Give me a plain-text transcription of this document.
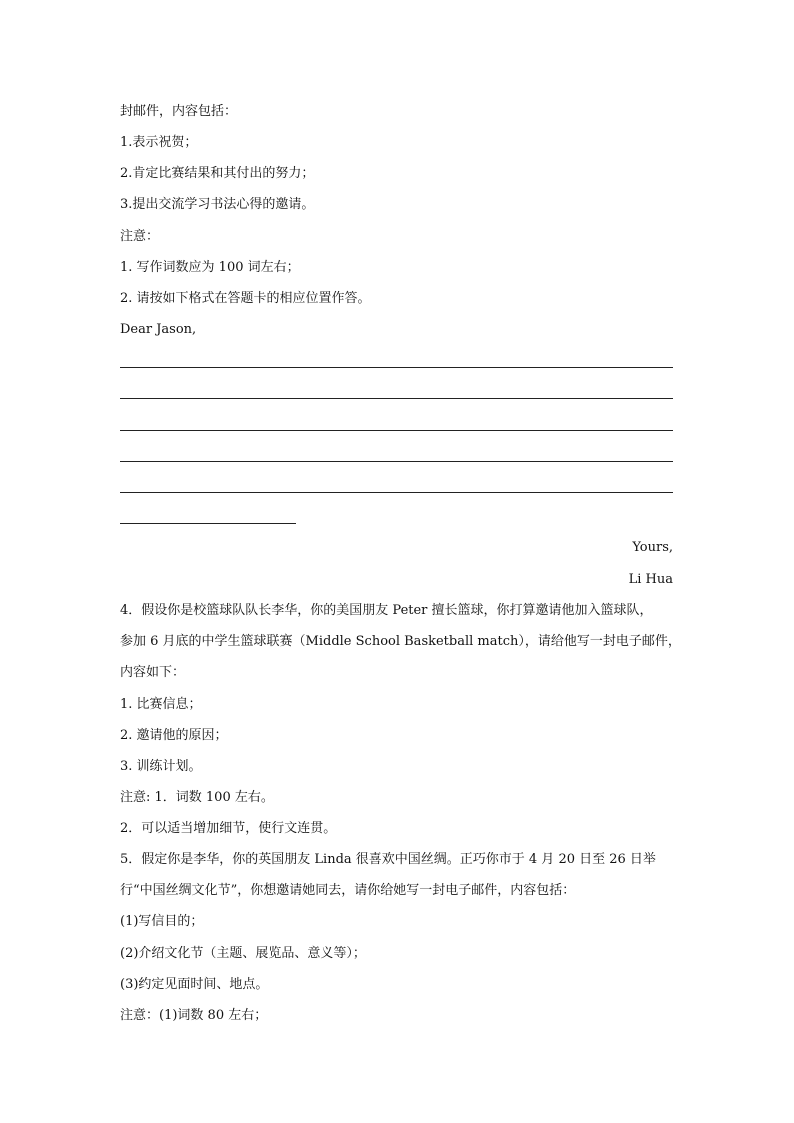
封邮件，内容包括：
1.表示祝贺；
2.肯定比赛结果和其付出的努力；
3.提出交流学习书法心得的邀请。
注意：
1. 写作词数应为 100 词左右；
2. 请按如下格式在答题卡的相应位置作答。
Dear Jason,
Yours,
Li Hua
4．假设你是校篮球队队长李华，你的美国朋友 Peter 擅长篮球，你打算邀请他加入篮球队，
参加 6 月底的中学生篮球联赛（Middle School Basketball match），请给他写一封电子邮件，
内容如下：
1. 比赛信息；
2. 邀请他的原因；
3. 训练计划。
注意: 1．词数 100 左右。
2．可以适当增加细节，使行文连贯。
5．假定你是李华，你的英国朋友 Linda 很喜欢中国丝绸。正巧你市于 4 月 20 日至 26 日举
行“中国丝绸文化节”，你想邀请她同去，请你给她写一封电子邮件，内容包括：
(1)写信目的；
(2)介绍文化节（主题、展览品、意义等）；
(3)约定见面时间、地点。
注意：(1)词数 80 左右；
